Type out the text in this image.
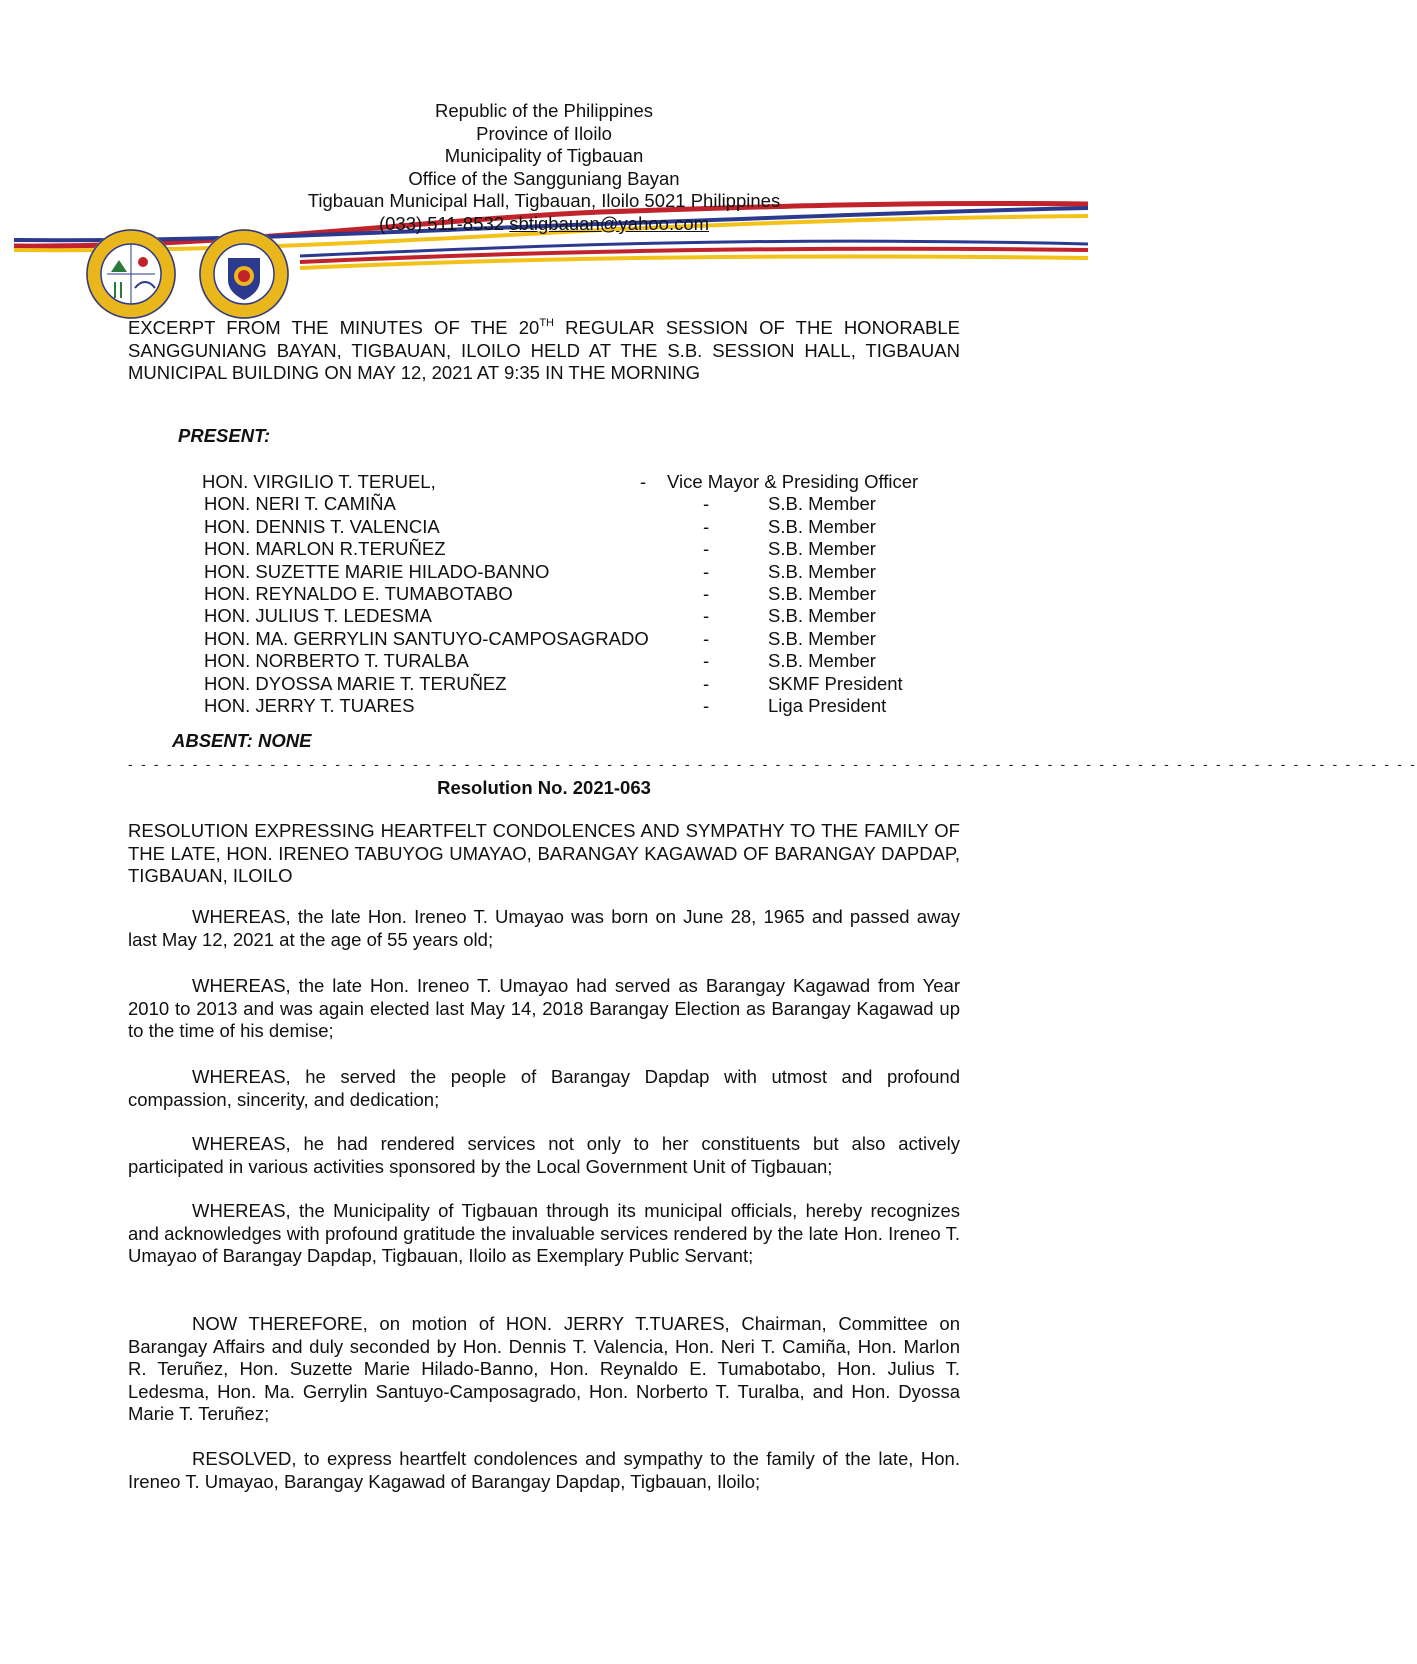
Republic of the Philippines
Province of Iloilo
Municipality of Tigbauan
Office of the Sangguniang Bayan
Tigbauan Municipal Hall, Tigbauan, Iloilo 5021 Philippines
(033) 511-8532 sbtigbauan@yahoo.com
EXCERPT FROM THE MINUTES OF THE 20TH REGULAR SESSION OF THE HONORABLE SANGGUNIANG BAYAN, TIGBAUAN, ILOILO HELD AT THE S.B. SESSION HALL, TIGBAUAN MUNICIPAL BUILDING ON MAY 12, 2021 AT 9:35 IN THE MORNING
PRESENT:
HON. VIRGILIO T. TERUEL,	- Vice Mayor & Presiding Officer
HON. NERI T. CAMIÑA	-	S.B. Member
HON. DENNIS T. VALENCIA	-	S.B. Member
HON. MARLON R.TERUÑEZ	-	S.B. Member
HON. SUZETTE MARIE HILADO-BANNO	-	S.B. Member
HON. REYNALDO E. TUMABOTABO	-	S.B. Member
HON. JULIUS T. LEDESMA	-	S.B. Member
HON. MA. GERRYLIN SANTUYO-CAMPOSAGRADO	-	S.B. Member
HON. NORBERTO T. TURALBA	-	S.B. Member
HON. DYOSSA MARIE T. TERUÑEZ	-	SKMF President
HON. JERRY T. TUARES	-	Liga President
ABSENT: NONE
- - - - - - - - - - - - - - - - - - - - - - - - - - - - - - - - - - - - - - - - - - - - - - - - - - - - - - - - - - - - - - - - - - - - - - - - - - - - - - - - - - - - - - - - - - - - - - - - - - - -
Resolution No. 2021-063
RESOLUTION EXPRESSING HEARTFELT CONDOLENCES AND SYMPATHY TO THE FAMILY OF THE LATE, HON. IRENEO TABUYOG UMAYAO, BARANGAY KAGAWAD OF BARANGAY DAPDAP, TIGBAUAN, ILOILO
WHEREAS, the late Hon. Ireneo T. Umayao was born on June 28, 1965 and passed away last May 12, 2021 at the age of 55 years old;
WHEREAS, the late Hon. Ireneo T. Umayao had served as Barangay Kagawad from Year 2010 to 2013 and was again elected last May 14, 2018 Barangay Election as Barangay Kagawad up to the time of his demise;
WHEREAS, he served the people of Barangay Dapdap with utmost and profound compassion, sincerity, and dedication;
WHEREAS, he had rendered services not only to her constituents but also actively participated in various activities sponsored by the Local Government Unit of Tigbauan;
WHEREAS, the Municipality of Tigbauan through its municipal officials, hereby recognizes and acknowledges with profound gratitude the invaluable services rendered by the late Hon. Ireneo T. Umayao of Barangay Dapdap, Tigbauan, Iloilo as Exemplary Public Servant;
NOW THEREFORE, on motion of HON. JERRY T.TUARES, Chairman, Committee on Barangay Affairs and duly seconded by Hon. Dennis T. Valencia, Hon. Neri T. Camiña, Hon. Marlon R. Teruñez, Hon. Suzette Marie Hilado-Banno, Hon. Reynaldo E. Tumabotabo, Hon. Julius T. Ledesma, Hon. Ma. Gerrylin Santuyo-Camposagrado, Hon. Norberto T. Turalba, and Hon. Dyossa Marie T. Teruñez;
RESOLVED, to express heartfelt condolences and sympathy to the family of the late, Hon. Ireneo T. Umayao, Barangay Kagawad of Barangay Dapdap, Tigbauan, Iloilo;
